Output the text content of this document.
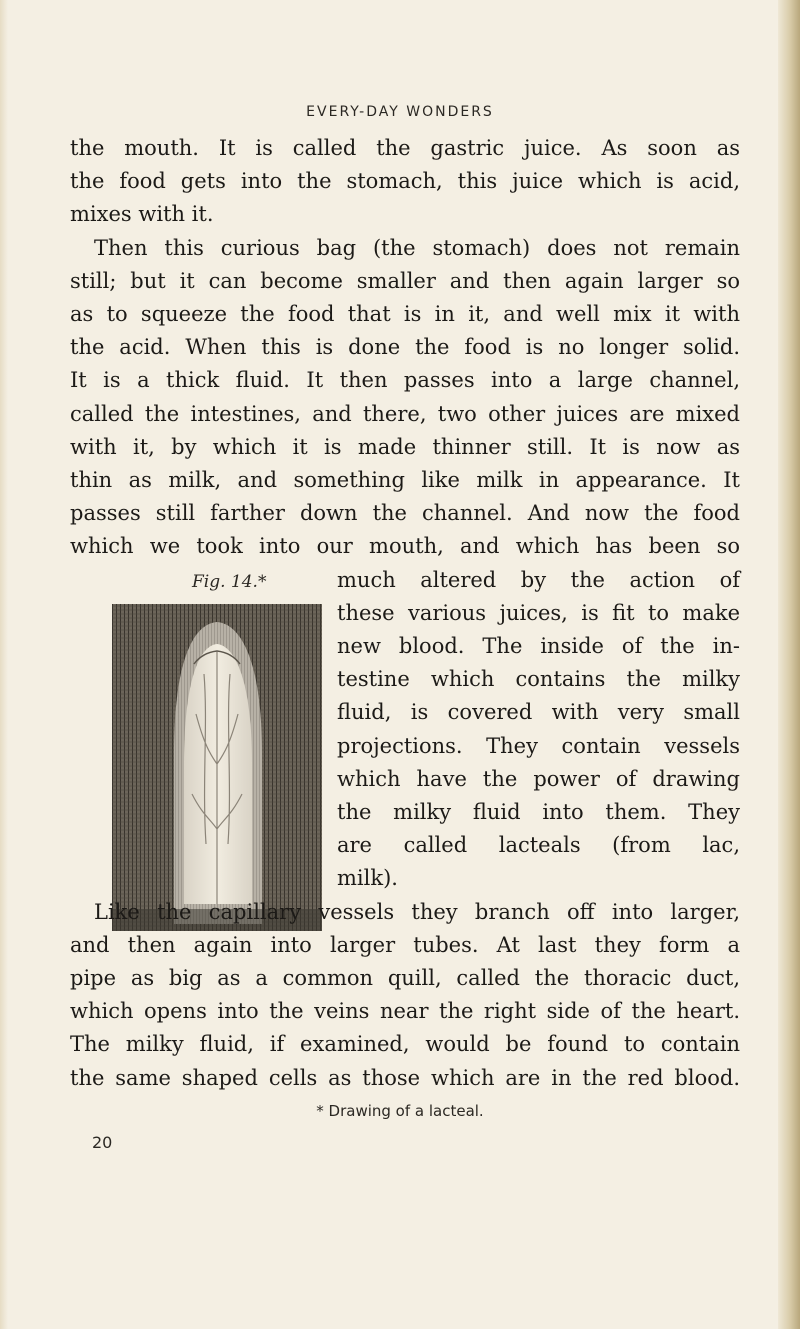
EVERY-DAY WONDERS
the mouth. It is called the gastric juice. As soon as
the food gets into the stomach, this juice which is acid,
mixes with it.
Then this curious bag (the stomach) does not remain
still; but it can become smaller and then again larger so
as to squeeze the food that is in it, and well mix it with
the acid. When this is done the food is no longer solid.
It is a thick fluid. It then passes into a large channel,
called the intestines, and there, two other juices are mixed
with it, by which it is made thinner still. It is now as
thin as milk, and something like milk in appearance. It
passes still farther down the channel. And now the food
which we took into our mouth, and which has been so
Fig. 14.*	much altered by the action of
these various juices, is fit to make
new blood. The inside of the in-
testine which contains the milky
fluid, is covered with very small
projections. They contain vessels
which have the power of drawing
the milky fluid into them. They
are called lacteals (from lac,
milk).
Like the capillary vessels they branch off into larger,
and then again into larger tubes. At last they form a
pipe as big as a common quill, called the thoracic duct,
which opens into the veins near the right side of the heart.
The milky fluid, if examined, would be found to contain
the same shaped cells as those which are in the red blood.
* Drawing of a lacteal.
20
